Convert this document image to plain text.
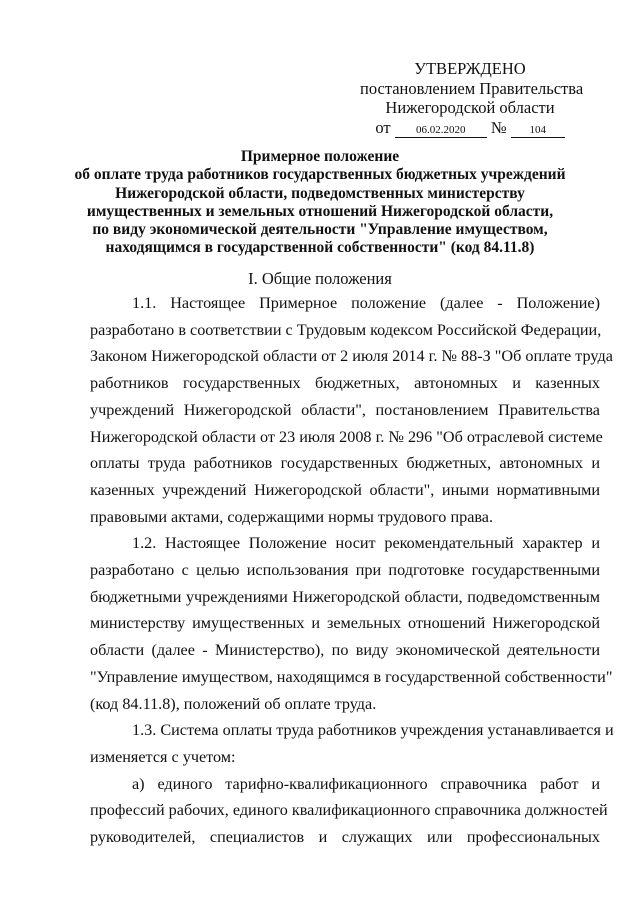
УТВЕРЖДЕНО
постановлением Правительства
Нижегородской области
от 06.02.2020 № 104
Примерное положение
об оплате труда работников государственных бюджетных учреждений
Нижегородской области, подведомственных министерству
имущественных и земельных отношений Нижегородской области,
по виду экономической деятельности "Управление имуществом,
находящимся в государственной собственности" (код 84.11.8)
I. Общие положения
1.1. Настоящее Примерное положение (далее - Положение)
разработано в соответствии с Трудовым кодексом Российской Федерации,
Законом Нижегородской области от 2 июля 2014 г. № 88-З "Об оплате труда
работников государственных бюджетных, автономных и казенных
учреждений Нижегородской области", постановлением Правительства
Нижегородской области от 23 июля 2008 г. № 296 "Об отраслевой системе
оплаты труда работников государственных бюджетных, автономных и
казенных учреждений Нижегородской области", иными нормативными
правовыми актами, содержащими нормы трудового права.
1.2. Настоящее Положение носит рекомендательный характер и
разработано с целью использования при подготовке государственными
бюджетными учреждениями Нижегородской области, подведомственным
министерству имущественных и земельных отношений Нижегородской
области (далее - Министерство), по виду экономической деятельности
"Управление имуществом, находящимся в государственной собственности"
(код 84.11.8), положений об оплате труда.
1.3. Система оплаты труда работников учреждения устанавливается и
изменяется с учетом:
а) единого тарифно-квалификационного справочника работ и
профессий рабочих, единого квалификационного справочника должностей
руководителей, специалистов и служащих или профессиональных
